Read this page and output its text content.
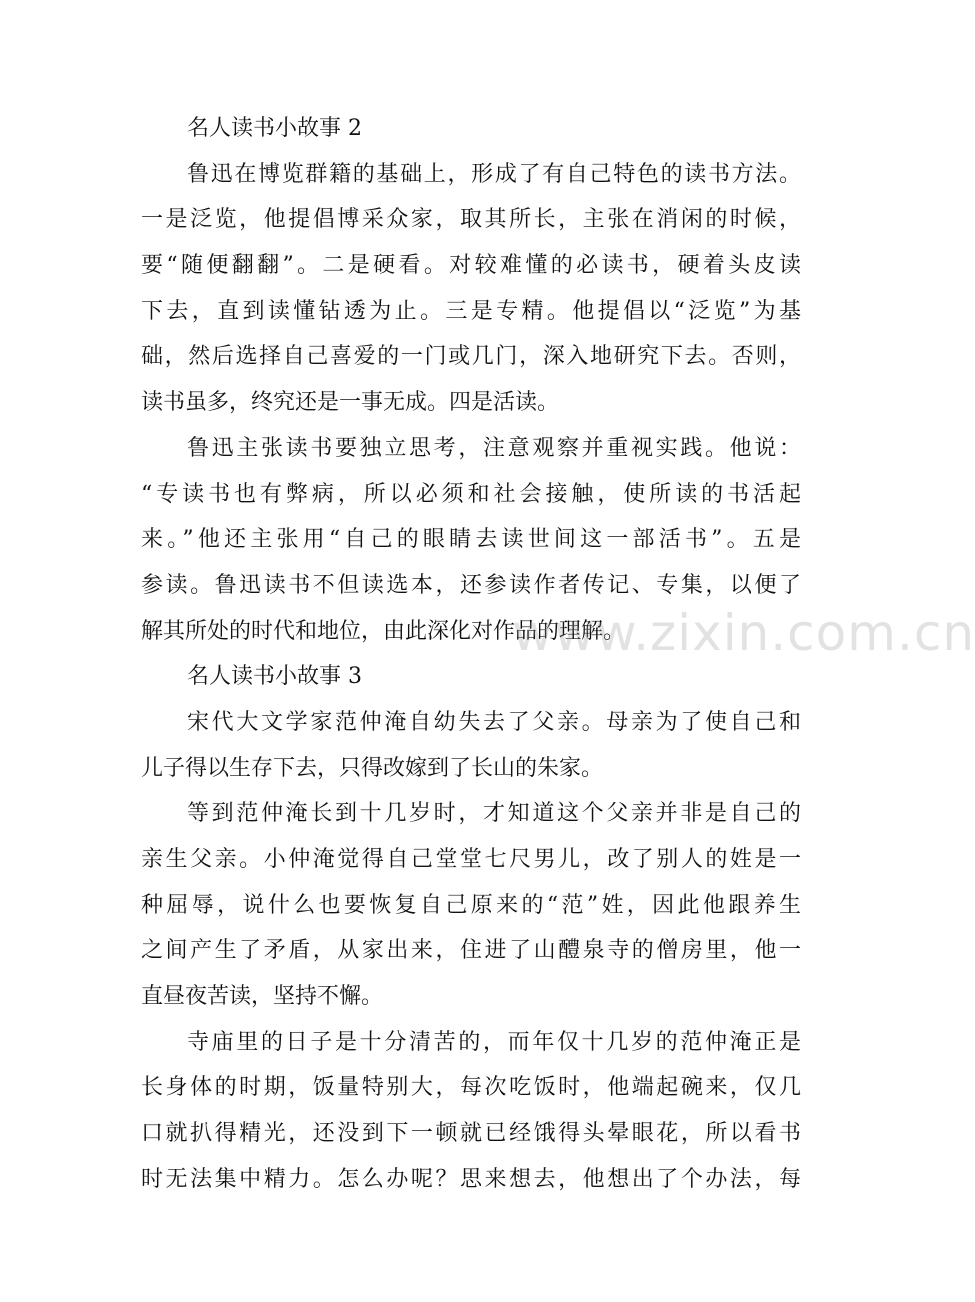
名人读书小故事 2
鲁迅在博览群籍的基础上，形成了有自己特色的读书方法。
一是泛览，他提倡博采众家，取其所长，主张在消闲的时候，
要“随便翻翻”。二是硬看。对较难懂的必读书，硬着头皮读
下去，直到读懂钻透为止。三是专精。他提倡以“泛览”为基
础，然后选择自己喜爱的一门或几门，深入地研究下去。否则，
读书虽多，终究还是一事无成。四是活读。
鲁迅主张读书要独立思考，注意观察并重视实践。他说：
“专读书也有弊病，所以必须和社会接触，使所读的书活起
来。”他还主张用“自己的眼睛去读世间这一部活书”。五是
参读。鲁迅读书不但读选本，还参读作者传记、专集，以便了
解其所处的时代和地位，由此深化对作品的理解。
名人读书小故事 3
宋代大文学家范仲淹自幼失去了父亲。母亲为了使自己和
儿子得以生存下去，只得改嫁到了长山的朱家。
等到范仲淹长到十几岁时，才知道这个父亲并非是自己的
亲生父亲。小仲淹觉得自己堂堂七尺男儿，改了别人的姓是一
种屈辱，说什么也要恢复自己原来的“范”姓，因此他跟养生
之间产生了矛盾，从家出来，住进了山醴泉寺的僧房里，他一
直昼夜苦读，坚持不懈。
寺庙里的日子是十分清苦的，而年仅十几岁的范仲淹正是
长身体的时期，饭量特别大，每次吃饭时，他端起碗来，仅几
口就扒得精光，还没到下一顿就已经饿得头晕眼花，所以看书
时无法集中精力。怎么办呢？思来想去，他想出了个办法，每
www.zixin.com.cn
